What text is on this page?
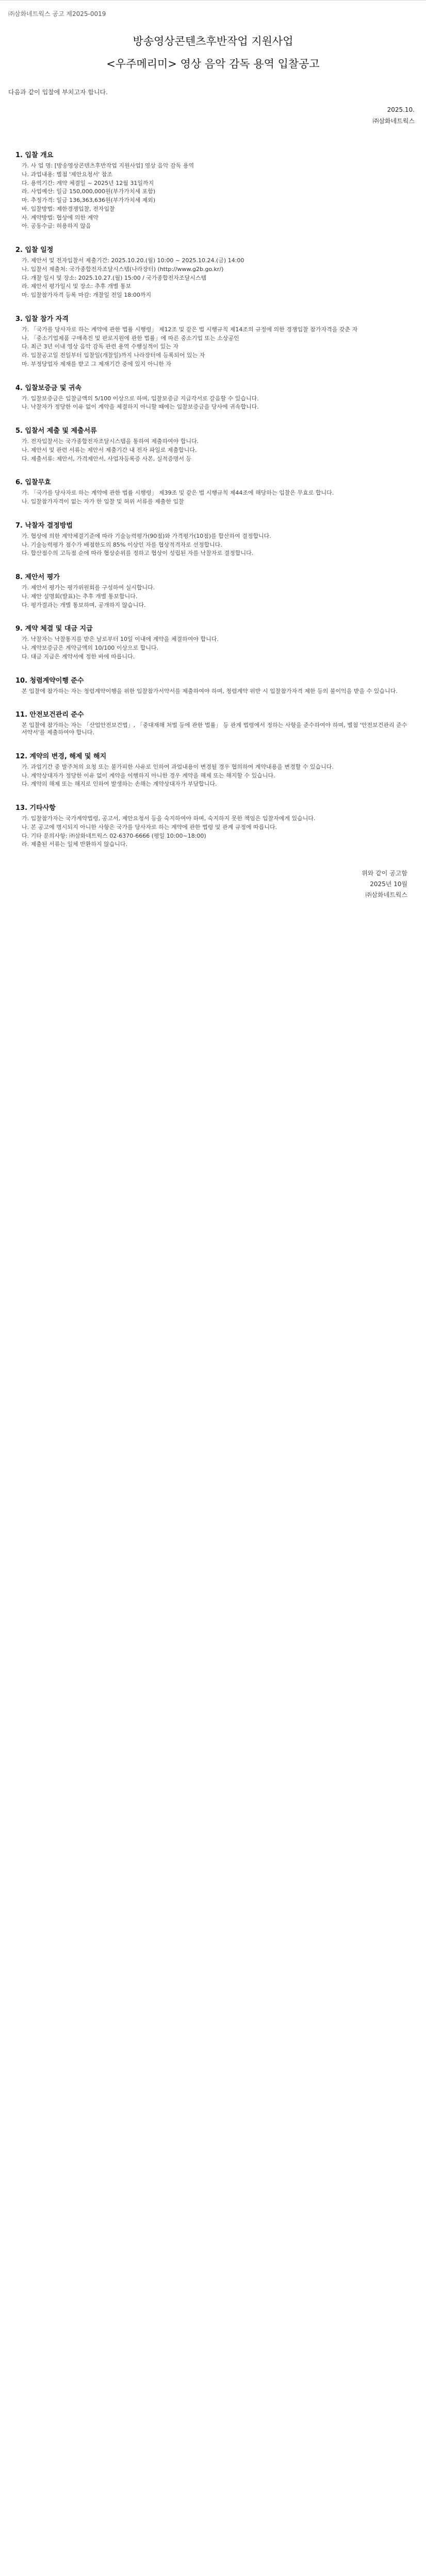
㈜삼화네트웍스 공고 제2025-0019
방송영상콘텐츠후반작업 지원사업
<우주메리미> 영상 음악 감독 용역 입찰공고
다음과 같이 입찰에 부치고자 합니다.
2025.10.
㈜삼화네트웍스
1. 입찰 개요
가. 사 업 명: [방송영상콘텐츠후반작업 지원사업] 영상 음악 감독 용역
나. 과업내용: 별첨 '제안요청서' 참조
다. 용역기간: 계약 체결일 ~ 2025년 12월 31일까지
라. 사업예산: 일금 150,000,000원(부가가치세 포함)
마. 추정가격: 일금 136,363,636원(부가가치세 제외)
바. 입찰방법: 제한경쟁입찰, 전자입찰
사. 계약방법: 협상에 의한 계약
아. 공동수급: 허용하지 않음
2. 입찰 일정
가. 제안서 및 전자입찰서 제출기간: 2025.10.20.(월) 10:00 ~ 2025.10.24.(금) 14:00
나. 입찰서 제출처: 국가종합전자조달시스템(나라장터) (http://www.g2b.go.kr/)
다. 개찰 일시 및 장소: 2025.10.27.(월) 15:00 / 국가종합전자조달시스템
라. 제안서 평가일시 및 장소: 추후 개별 통보
마. 입찰참가자격 등록 마감: 개찰일 전일 18:00까지
3. 입찰 참가 자격
가. 「국가를 당사자로 하는 계약에 관한 법률 시행령」 제12조 및 같은 법 시행규칙 제14조의 규정에 의한 경쟁입찰 참가자격을 갖춘 자
나. 「중소기업제품 구매촉진 및 판로지원에 관한 법률」에 따른 중소기업 또는 소상공인
다. 최근 3년 이내 영상 음악 감독 관련 용역 수행실적이 있는 자
라. 입찰공고일 전일부터 입찰일(개찰일)까지 나라장터에 등록되어 있는 자
마. 부정당업자 제재를 받고 그 제재기간 중에 있지 아니한 자
4. 입찰보증금 및 귀속
가. 입찰보증금은 입찰금액의 5/100 이상으로 하며, 입찰보증금 지급각서로 갈음할 수 있습니다.
나. 낙찰자가 정당한 이유 없이 계약을 체결하지 아니할 때에는 입찰보증금을 당사에 귀속합니다.
5. 입찰서 제출 및 제출서류
가. 전자입찰서는 국가종합전자조달시스템을 통하여 제출하여야 합니다.
나. 제안서 및 관련 서류는 제안서 제출기간 내 전자 파일로 제출합니다.
다. 제출서류: 제안서, 가격제안서, 사업자등록증 사본, 실적증명서 등
6. 입찰무효
가. 「국가를 당사자로 하는 계약에 관한 법률 시행령」 제39조 및 같은 법 시행규칙 제44조에 해당하는 입찰은 무효로 합니다.
나. 입찰참가자격이 없는 자가 한 입찰 및 허위 서류를 제출한 입찰
7. 낙찰자 결정방법
가. 협상에 의한 계약체결기준에 따라 기술능력평가(90점)와 가격평가(10점)를 합산하여 결정합니다.
나. 기술능력평가 점수가 배점한도의 85% 이상인 자를 협상적격자로 선정합니다.
다. 합산점수의 고득점 순에 따라 협상순위를 정하고 협상이 성립된 자를 낙찰자로 결정합니다.
8. 제안서 평가
가. 제안서 평가는 평가위원회를 구성하여 실시합니다.
나. 제안 설명회(발표)는 추후 개별 통보합니다.
다. 평가결과는 개별 통보하며, 공개하지 않습니다.
9. 계약 체결 및 대금 지급
가. 낙찰자는 낙찰통지를 받은 날로부터 10일 이내에 계약을 체결하여야 합니다.
나. 계약보증금은 계약금액의 10/100 이상으로 합니다.
다. 대금 지급은 계약서에 정한 바에 따릅니다.
10. 청렴계약이행 준수
본 입찰에 참가하는 자는 청렴계약이행을 위한 입찰참가서약서를 제출하여야 하며, 청렴계약 위반 시 입찰참가자격 제한 등의 불이익을 받을 수 있습니다.
11. 안전보건관리 준수
본 입찰에 참가하는 자는 「산업안전보건법」, 「중대재해 처벌 등에 관한 법률」 등 관계 법령에서 정하는 사항을 준수하여야 하며, 별첨 '안전보건관리 준수 서약서'를 제출하여야 합니다.
12. 계약의 변경, 해제 및 해지
가. 과업기간 중 발주처의 요청 또는 불가피한 사유로 인하여 과업내용이 변경될 경우 협의하여 계약내용을 변경할 수 있습니다.
나. 계약상대자가 정당한 이유 없이 계약을 이행하지 아니한 경우 계약을 해제 또는 해지할 수 있습니다.
다. 계약의 해제 또는 해지로 인하여 발생하는 손해는 계약상대자가 부담합니다.
13. 기타사항
가. 입찰참가자는 국가계약법령, 공고서, 제안요청서 등을 숙지하여야 하며, 숙지하지 못한 책임은 입찰자에게 있습니다.
나. 본 공고에 명시되지 아니한 사항은 국가를 당사자로 하는 계약에 관한 법령 및 관계 규정에 따릅니다.
다. 기타 문의사항: ㈜삼화네트웍스 02-6370-6666 (평일 10:00~18:00)
라. 제출된 서류는 일체 반환하지 않습니다.
위와 같이 공고함
2025년 10월
㈜삼화네트웍스
